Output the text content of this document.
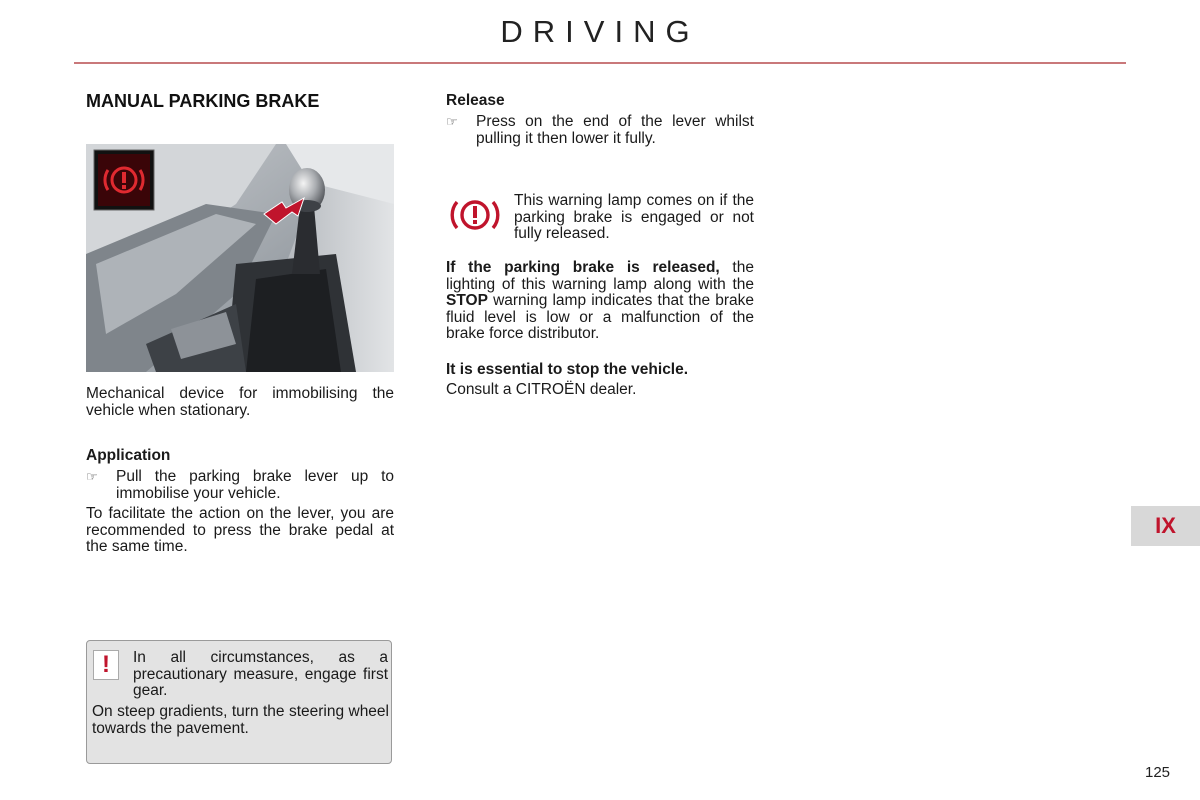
DRIVING
MANUAL PARKING BRAKE
Mechanical device for immobilising the vehicle when stationary.
Application
☞	Pull the parking brake lever up to immobilise your vehicle.
To facilitate the action on the lever, you are recommended to press the brake pedal at the same time.
!	In all circumstances, as a precautionary measure, engage first gear.
On steep gradients, turn the steering wheel towards the pavement.
Release
☞	Press on the end of the lever whilst pulling it then lower it fully.
This warning lamp comes on if the parking brake is engaged or not fully released.
If the parking brake is released, the lighting of this warning lamp along with the STOP warning lamp indicates that the brake fluid level is low or a malfunction of the brake force distributor.
It is essential to stop the vehicle.
Consult a CITROËN dealer.
IX
125
